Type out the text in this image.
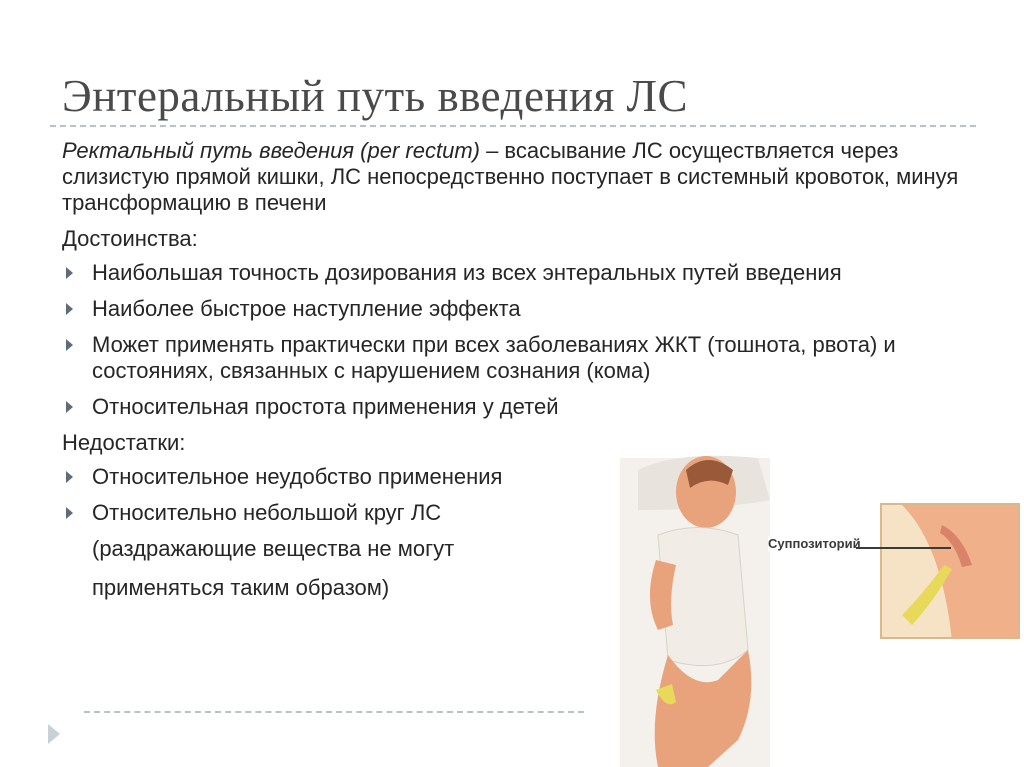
Энтеральный путь введения ЛС

Ректальный путь введения (per rectum) – всасывание ЛС осуществляется через слизистую прямой кишки, ЛС непосредственно поступает в системный кровоток, минуя трансформацию в печени

Достоинства:

Наибольшая точность дозирования из всех энтеральных путей введения
Наиболее быстрое наступление эффекта
Может применять практически при всех заболеваниях ЖКТ (тошнота, рвота) и состояниях, связанных с нарушением сознания (кома)
Относительная простота применения у детей

Недостатки:

Относительное неудобство применения
Относительно небольшой круг ЛС

(раздражающие вещества не могут

применяться таким образом)

Суппозиторий
